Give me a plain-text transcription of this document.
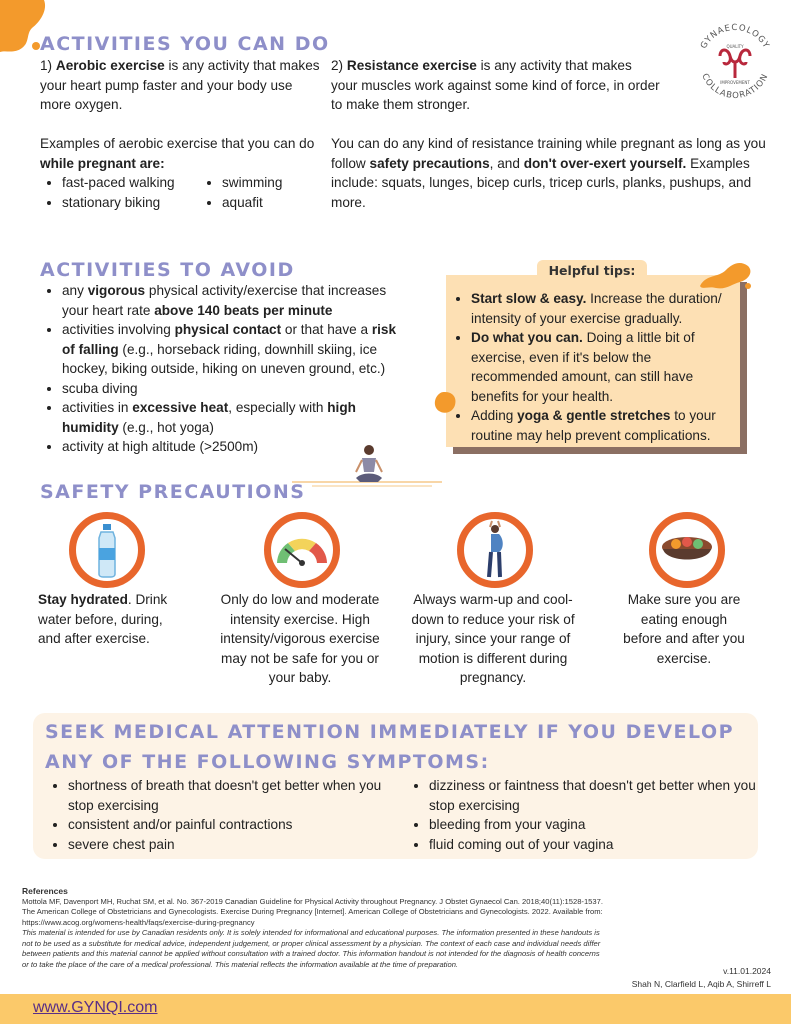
GYNAECOLOGY
COLLABORATION
QUALITY
IMPROVEMENT
ACTIVITIES YOU CAN DO

1) Aerobic exercise is any activity that makes your heart pump faster and your body use more oxygen.

Examples of aerobic exercise that you can do while pregnant are:

• fast-paced walking
• stationary biking
• swimming
• aquafit

2) Resistance exercise is any activity that makes your muscles work against some kind of force, in order to make them stronger.

You can do any kind of resistance training while pregnant as long as you follow safety precautions, and don't over-exert yourself. Examples include: squats, lunges, bicep curls, tricep curls, planks, pushups, and more.

ACTIVITIES TO AVOID
• any vigorous physical activity/exercise that increases your heart rate above 140 beats per minute
• activities involving physical contact or that have a risk of falling (e.g., horseback riding, downhill skiing, ice hockey, biking outside, hiking on uneven ground, etc.)
• scuba diving
• activities in excessive heat, especially with high humidity (e.g., hot yoga)
• activity at high altitude (>2500m)
Helpful tips:
• Start slow & easy. Increase the duration/ intensity of your exercise gradually.
• Do what you can. Doing a little bit of exercise, even if it's below the recommended amount, can still have benefits for your health.
• Adding yoga & gentle stretches to your routine may help prevent complications.
SAFETY PRECAUTIONS
Stay hydrated. Drink water before, during, and after exercise.
Only do low and moderate intensity exercise. High intensity/vigorous exercise may not be safe for you or your baby.
Always warm-up and cool-down to reduce your risk of injury, since your range of motion is different during pregnancy.
Make sure you are eating enough before and after you exercise.
SEEK MEDICAL ATTENTION IMMEDIATELY IF YOU DEVELOP ANY OF THE FOLLOWING SYMPTOMS:
• shortness of breath that doesn't get better when you stop exercising
• consistent and/or painful contractions
• severe chest pain
• dizziness or faintness that doesn't get better when you stop exercising
• bleeding from your vagina
• fluid coming out of your vagina
References
Mottola MF, Davenport MH, Ruchat SM, et al. No. 367-2019 Canadian Guideline for Physical Activity throughout Pregnancy. J Obstet Gynaecol Can. 2018;40(11):1528-1537.
The American College of Obstetricians and Gynecologists. Exercise During Pregnancy [Internet]. American College of Obstetricians and Gynecologists. 2022. Available from: https://www.acog.org/womens-health/faqs/exercise-during-pregnancy
This material is intended for use by Canadian residents only. It is solely intended for informational and educational purposes. The information presented in these handouts is not to be used as a substitute for medical advice, independent judgement, or proper clinical assessment by a physician. The context of each case and individual needs differ between patients and this material cannot be applied without consultation with a trained doctor. This information handout is not intended for the diagnosis of health concerns or to take the place of the care of a medical professional. This material reflects the information available at the time of preparation.
v.11.01.2024
Shah N, Clarfield L, Aqib A, Shirreff L
www.GYNQI.com
